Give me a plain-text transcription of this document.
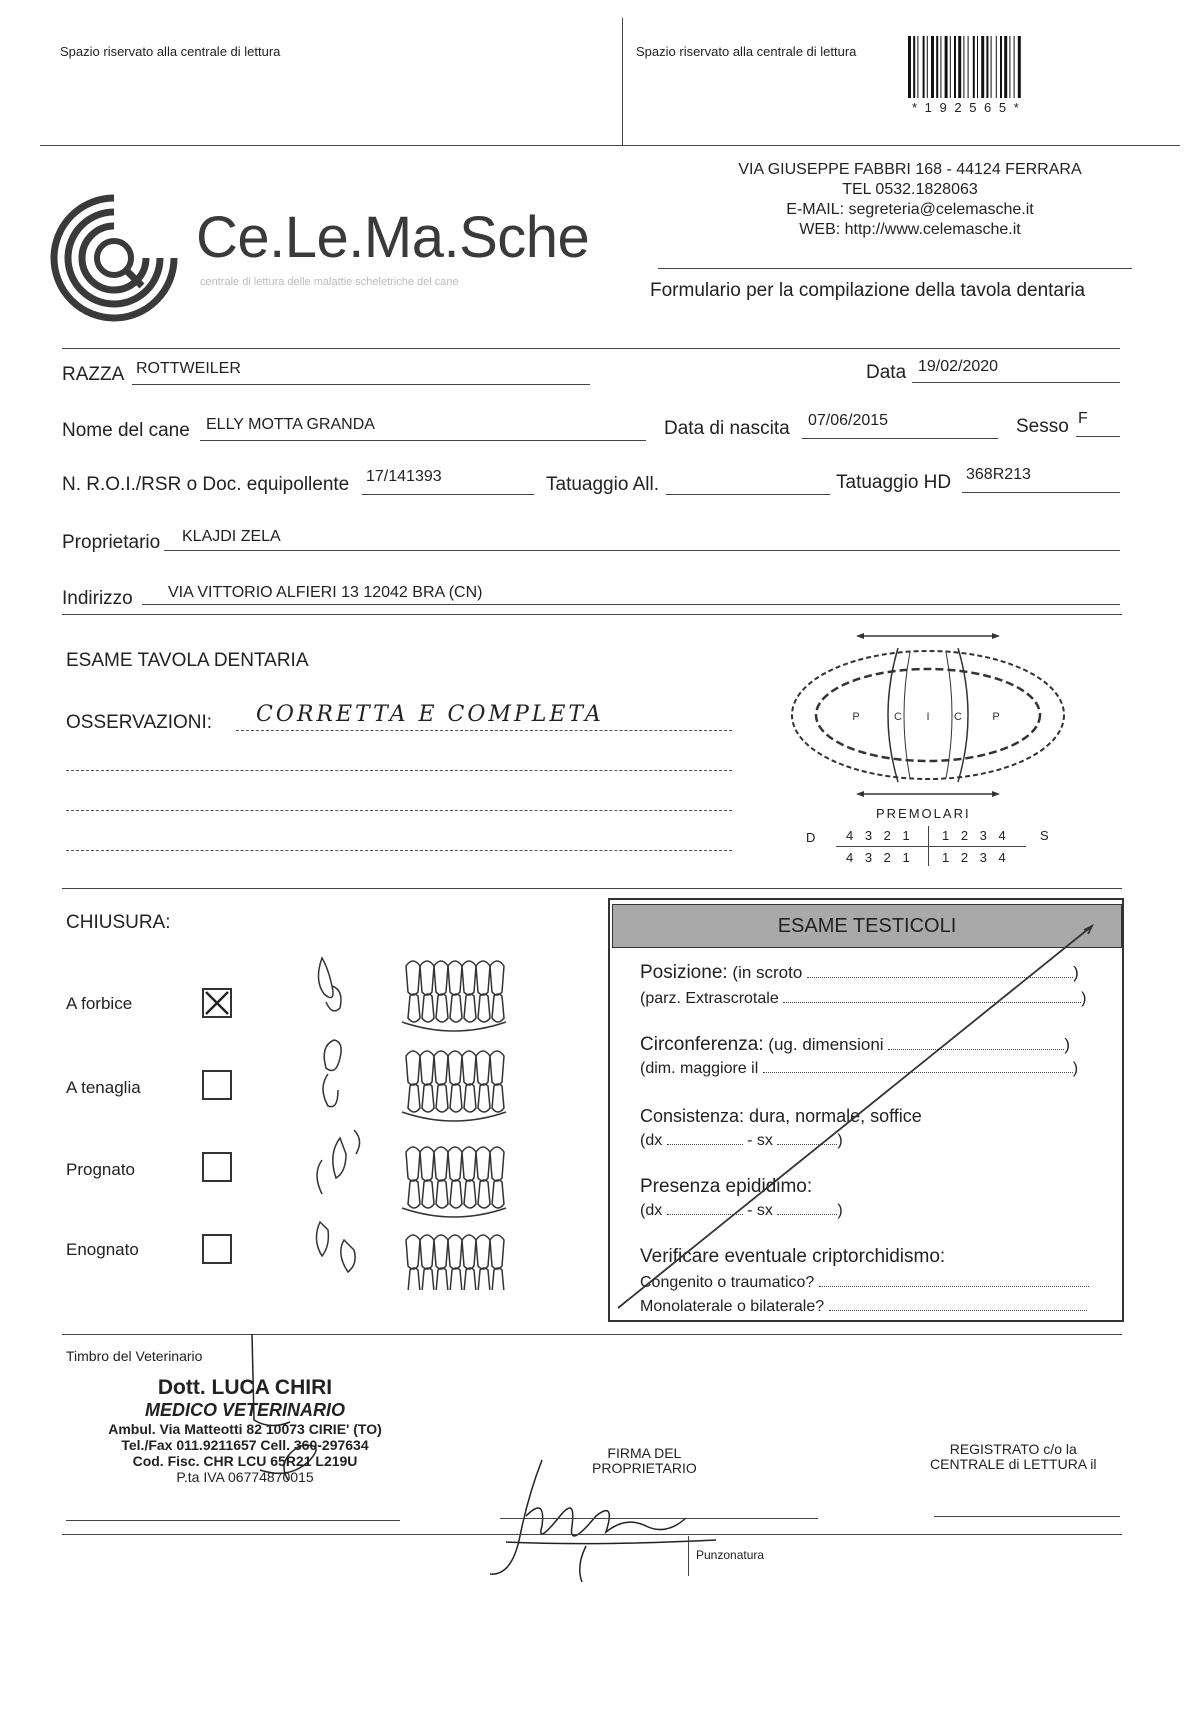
Spazio riservato alla centrale di lettura	Spazio riservato alla centrale di lettura
* 1 9 2 5 6 5 *
Ce.Le.Ma.Sche
centrale di lettura delle malattie scheletriche del cane
VIA GIUSEPPE FABBRI 168 - 44124 FERRARA
TEL 0532.1828063
E-MAIL: segreteria@celemasche.it
WEB: http://www.celemasche.it
Formulario per la compilazione della tavola dentaria
RAZZA ROTTWEILER	Data 19/02/2020
Nome del cane ELLY MOTTA GRANDA	Data di nascita 07/06/2015	Sesso F
N. R.O.I./RSR o Doc. equipollente 17/141393	Tatuaggio All.	Tatuaggio HD 368R213
Proprietario KLAJDI ZELA
Indirizzo VIA VITTORIO ALFIERI 13 12042 BRA (CN)
ESAME TAVOLA DENTARIA
OSSERVAZIONI: CORRETTA E COMPLETA	P	C I C	P
PREMOLARI
D 4 3 2 1 1 2 3 4 S
4 3 2 1 1 2 3 4
CHIUSURA:
A forbice
A tenaglia
Prognato
Enognato
ESAME TESTICOLI
Posizione: (in scroto	)
(parz. Extrascrotale	)
Circonferenza: (ug. dimensioni	)
(dim. maggiore il	)
Consistenza: dura, normale, soffice
(dx	- sx	)
Presenza epididimo:
(dx	- sx	)
Verificare eventuale criptorchidismo:
Congenito o traumatico?
Monolaterale o bilaterale?
Timbro del Veterinario
Dott. LUCA CHIRI
MEDICO VETERINARIO
Ambul. Via Matteotti 82 10073 CIRIE' (TO)
Tel./Fax 011.9211657 Cell. 360-297634
Cod. Fisc. CHR LCU 65R21 L219U
P.ta IVA 06774870015
FIRMA DEL
PROPRIETARIO
REGISTRATO c/o la
CENTRALE di LETTURA il
Punzonatura
